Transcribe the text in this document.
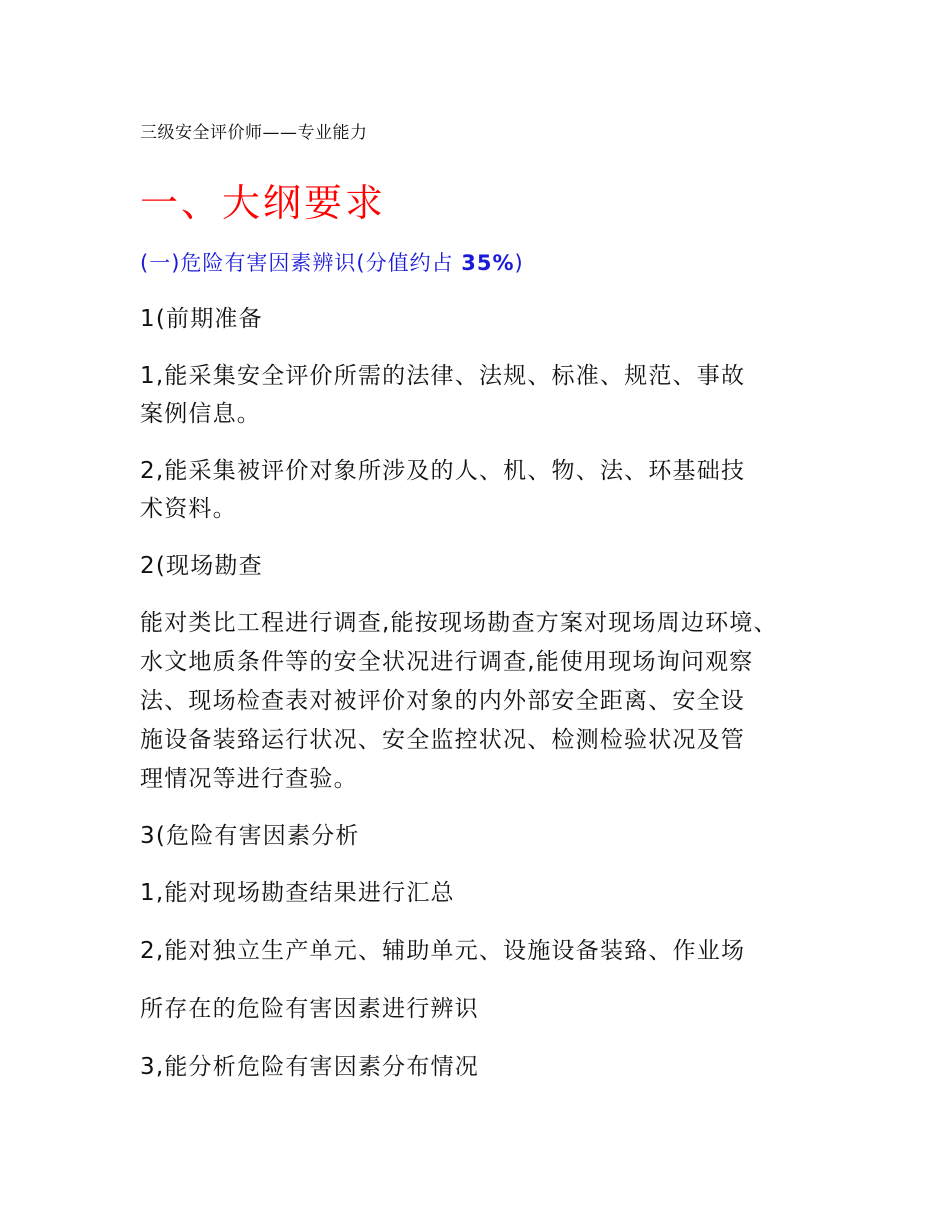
三级安全评价师——专业能力
一、大纲要求
(一)危险有害因素辨识(分值约占 35%)
1(前期准备
1,能采集安全评价所需的法律、法规、标准、规范、事故
案例信息。
2,能采集被评价对象所涉及的人、机、物、法、环基础技
术资料。
2(现场勘查
能对类比工程进行调查,能按现场勘查方案对现场周边环境、
水文地质条件等的安全状况进行调查,能使用现场询问观察
法、现场检查表对被评价对象的内外部安全距离、安全设
施设备装臵运行状况、安全监控状况、检测检验状况及管
理情况等进行查验。
3(危险有害因素分析
1,能对现场勘查结果进行汇总
2,能对独立生产单元、辅助单元、设施设备装臵、作业场
所存在的危险有害因素进行辨识
3,能分析危险有害因素分布情况
